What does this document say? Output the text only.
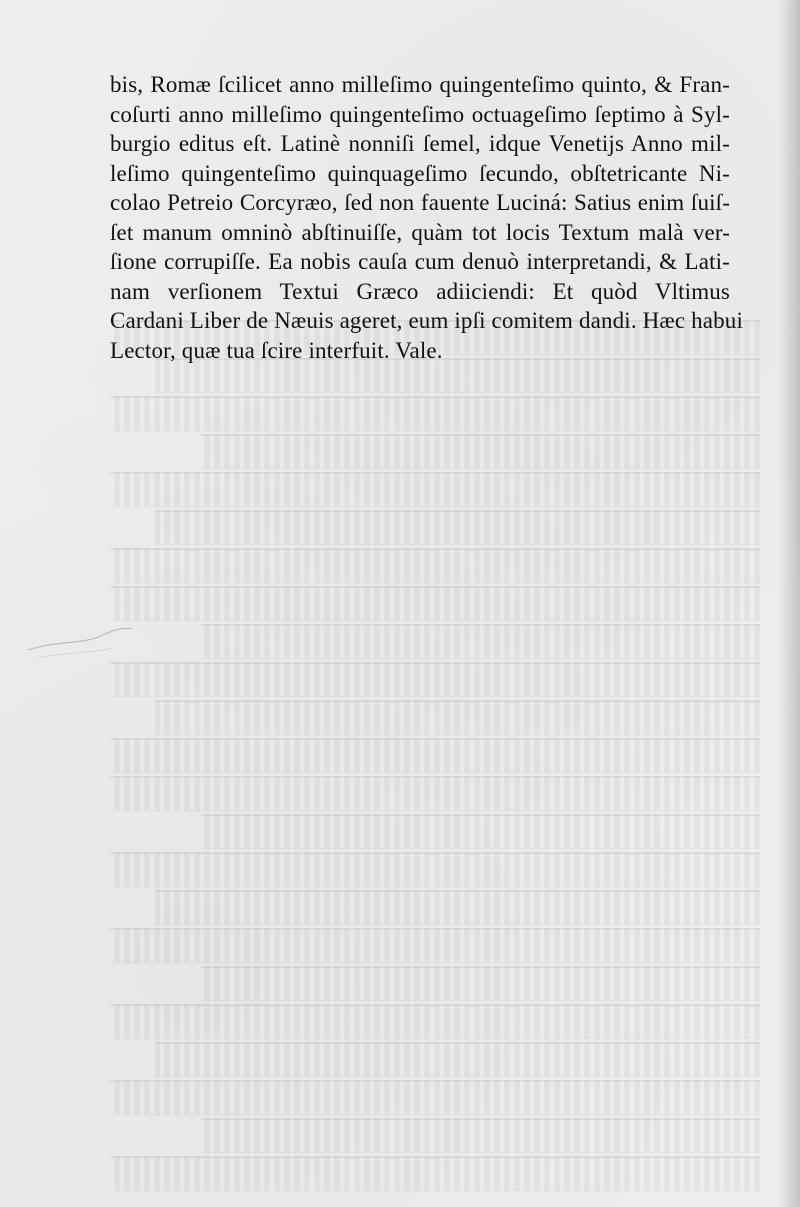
bis, Romæ ſcilicet anno milleſimo quingenteſimo quinto, & Fran-
coſurti anno milleſimo quingenteſimo octuageſimo ſeptimo à Syl-
burgio editus eſt. Latinè nonniſi ſemel, idque Venetijs Anno mil-
leſimo quingenteſimo quinquageſimo ſecundo, obſtetricante Ni-
colao Petreio Corcyræo, ſed non fauente Luciná: Satius enim ſuiſ-
ſet manum omninò abſtinuiſſe, quàm tot locis Textum malà ver-
ſione corrupiſſe. Ea nobis cauſa cum denuò interpretandi, & Lati-
nam verſionem Textui Græco adiiciendi: Et quòd Vltimus
Cardani Liber de Næuis ageret, eum ipſi comitem dandi. Hæc habui
Lector, quæ tua ſcire interfuit. Vale.
